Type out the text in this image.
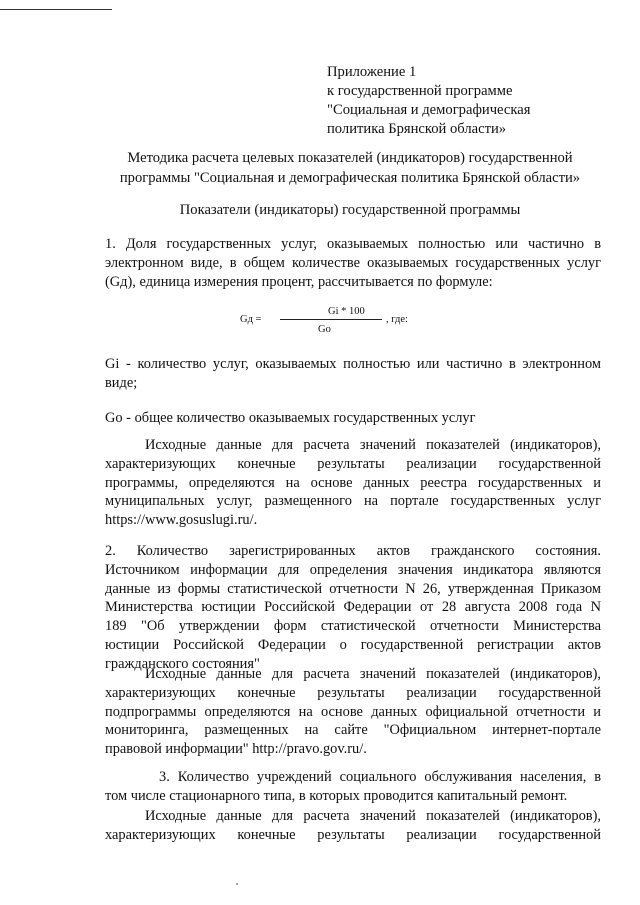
Приложение 1
к государственной программе
"Социальная и демографическая
политика Брянской области»
Методика расчета целевых показателей (индикаторов) государственной
программы "Социальная и демографическая политика Брянской области»
Показатели (индикаторы) государственной программы
1. Доля государственных услуг, оказываемых полностью или частично в
электронном виде, в общем количестве оказываемых государственных услуг
(Gд), единица измерения процент, рассчитывается по формуле:
Gд =
Gi * 100
Go
, где:
Gi - количество услуг, оказываемых полностью или частично в электронном
виде;
Go - общее количество оказываемых государственных услуг
Исходные данные для расчета значений показателей (индикаторов),
характеризующих конечные результаты реализации государственной
программы, определяются на основе данных реестра государственных и
муниципальных услуг, размещенного на портале государственных услуг
https://www.gosuslugi.ru/.
2. Количество зарегистрированных актов гражданского состояния.
Источником информации для определения значения индикатора являются
данные из формы статистической отчетности N 26, утвержденная Приказом
Министерства юстиции Российской Федерации от 28 августа 2008 года N
189 "Об утверждении форм статистической отчетности Министерства
юстиции Российской Федерации о государственной регистрации актов
гражданского состояния"
Исходные данные для расчета значений показателей (индикаторов),
характеризующих конечные результаты реализации государственной
подпрограммы определяются на основе данных официальной отчетности и
мониторинга, размещенных на сайте "Официальном интернет-портале
правовой информации" http://pravo.gov.ru/.
3. Количество учреждений социального обслуживания населения, в
том числе стационарного типа, в которых проводится капитальный ремонт.
Исходные данные для расчета значений показателей (индикаторов),
характеризующих конечные результаты реализации государственной
